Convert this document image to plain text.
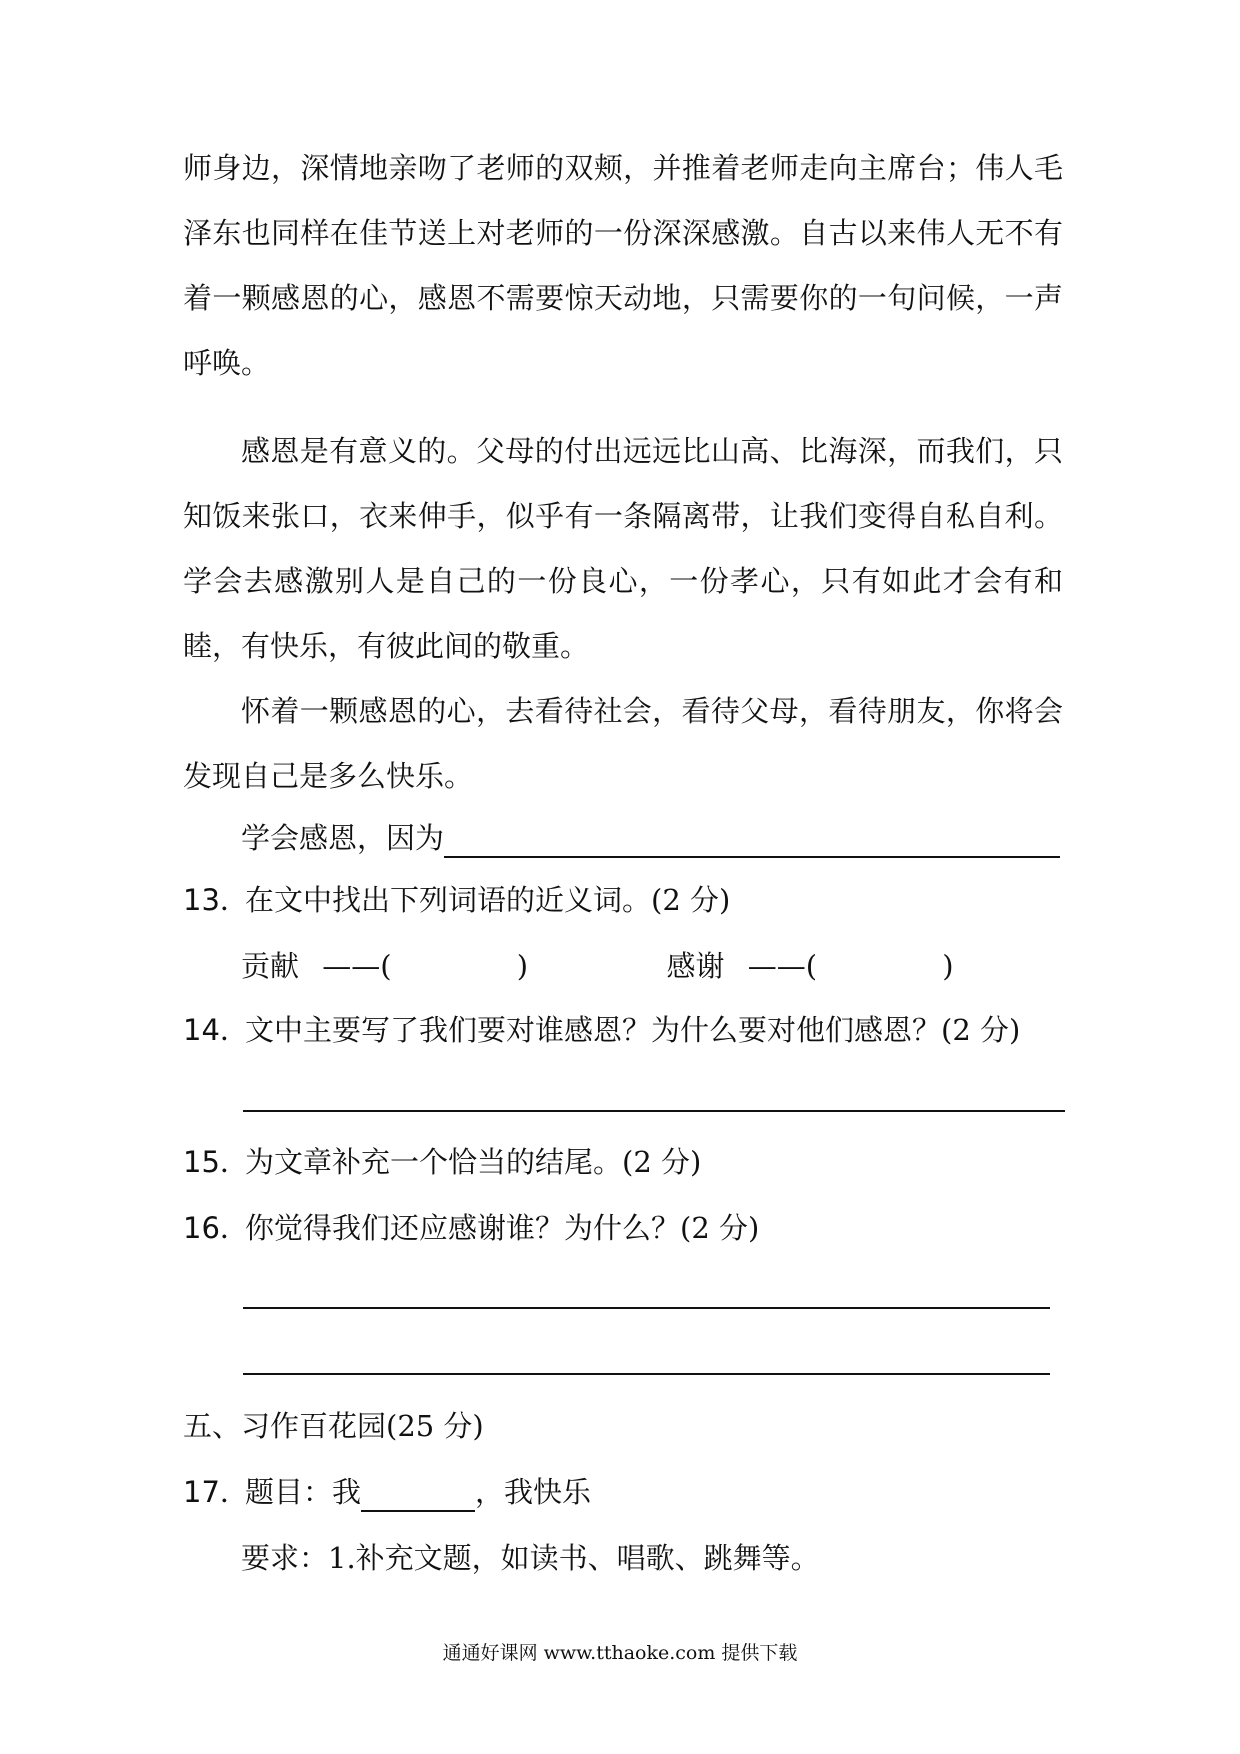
师身边，深情地亲吻了老师的双颊，并推着老师走向主席台；伟人毛泽东也同样在佳节送上对老师的一份深深感激。自古以来伟人无不有着一颗感恩的心，感恩不需要惊天动地，只需要你的一句问候，一声呼唤。

感恩是有意义的。父母的付出远远比山高、比海深，而我们，只知饭来张口，衣来伸手，似乎有一条隔离带，让我们变得自私自利。学会去感激别人是自己的一份良心，一份孝心，只有如此才会有和睦，有快乐，有彼此间的敬重。

怀着一颗感恩的心，去看待社会，看待父母，看待朋友，你将会发现自己是多么快乐。

学会感恩，因为
13．在文中找出下列词语的近义词。(2 分)
贡献 ——(　　　　 )	感谢 ——(　　　　 )
14．文中主要写了我们要对谁感恩？为什么要对他们感恩？(2 分)
15．为文章补充一个恰当的结尾。(2 分)
16．你觉得我们还应感谢谁？为什么？(2 分)
五、习作百花园(25 分)
17．题目：我	，我快乐
要求：1.补充文题，如读书、唱歌、跳舞等。
通通好课网 www.tthaoke.com 提供下载
